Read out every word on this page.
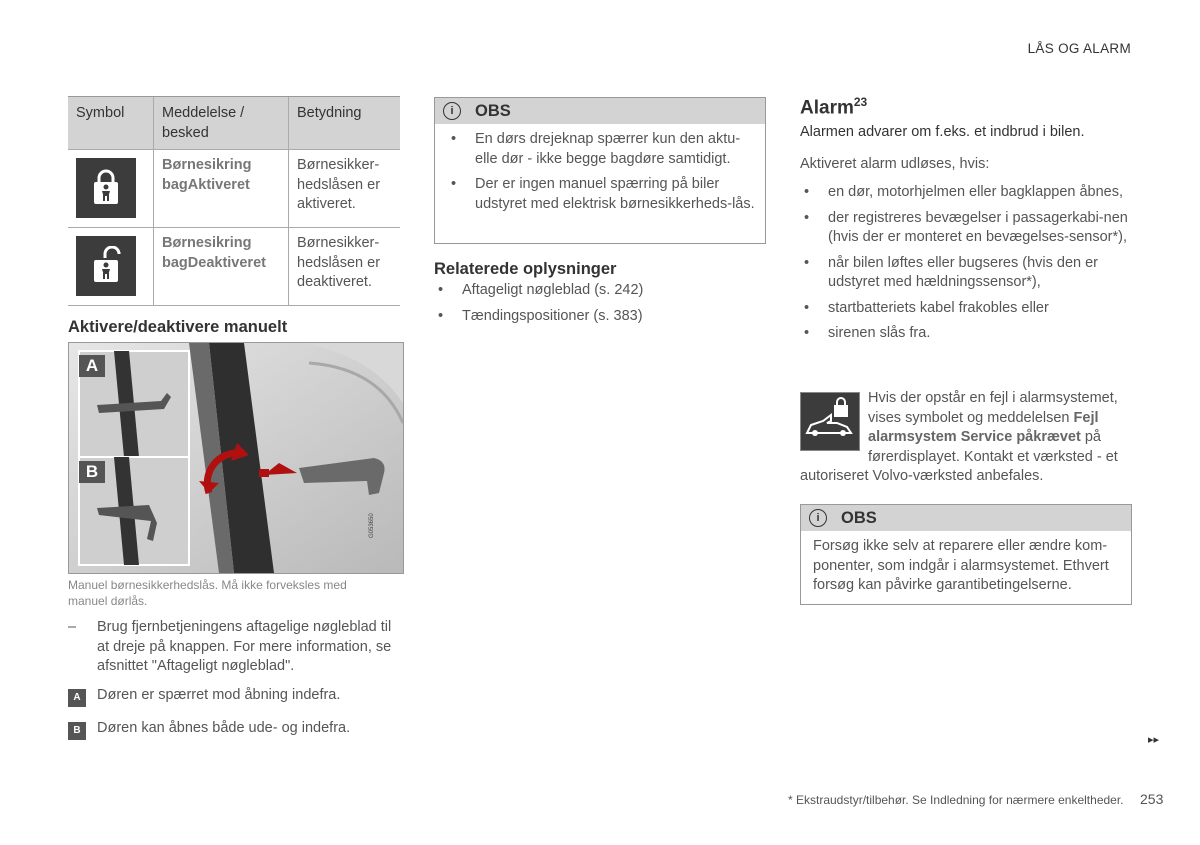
LÅS OG ALARM
Symbol	Meddelelse / besked	Betydning

	Børnesikring bagAktiveret	Børnesikker-hedslåsen er aktiveret.

	Børnesikring bagDeaktiveret	Børnesikker-hedslåsen er deaktiveret.
Aktivere/deaktivere manuelt
A
B
G053650
Manuel børnesikkerhedslås. Må ikke forveksles med manuel dørlås.
–	Brug fjernbetjeningens aftagelige nøgleblad til at dreje på knappen. For mere information, se afsnittet "Aftageligt nøgleblad".
A	Døren er spærret mod åbning indefra.
B	Døren kan åbnes både ude- og indefra.
i	OBS
• En dørs drejeknap spærrer kun den aktu-elle dør - ikke begge bagdøre samtidigt.
• Der er ingen manuel spærring på biler udstyret med elektrisk børnesikkerheds-lås.
Relaterede oplysninger
• Aftageligt nøgleblad (s. 242)
• Tændingspositioner (s. 383)
Alarm$^{23}$
Alarmen advarer om f.eks. et indbrud i bilen.
Aktiveret alarm udløses, hvis:
• en dør, motorhjelmen eller bagklappen åbnes,
• der registreres bevægelser i passagerkabi-nen (hvis der er monteret en bevægelses-sensor*),
• når bilen løftes eller bugseres (hvis den er udstyret med hældningssensor*),
• startbatteriets kabel frakobles eller
• sirenen slås fra.
Hvis der opstår en fejl i alarmsystemet, vises symbolet og meddelelsen Fejl alarmsystem Service påkrævet på førerdisplayet. Kontakt et værksted - et autoriseret Volvo-værksted anbefales.
i	OBS
Forsøg ikke selv at reparere eller ændre kom-ponenter, som indgår i alarmsystemet. Ethvert forsøg kan påvirke garantibetingelserne.
▸▸
* Ekstraudstyr/tilbehør. Se Indledning for nærmere enkeltheder. 253
